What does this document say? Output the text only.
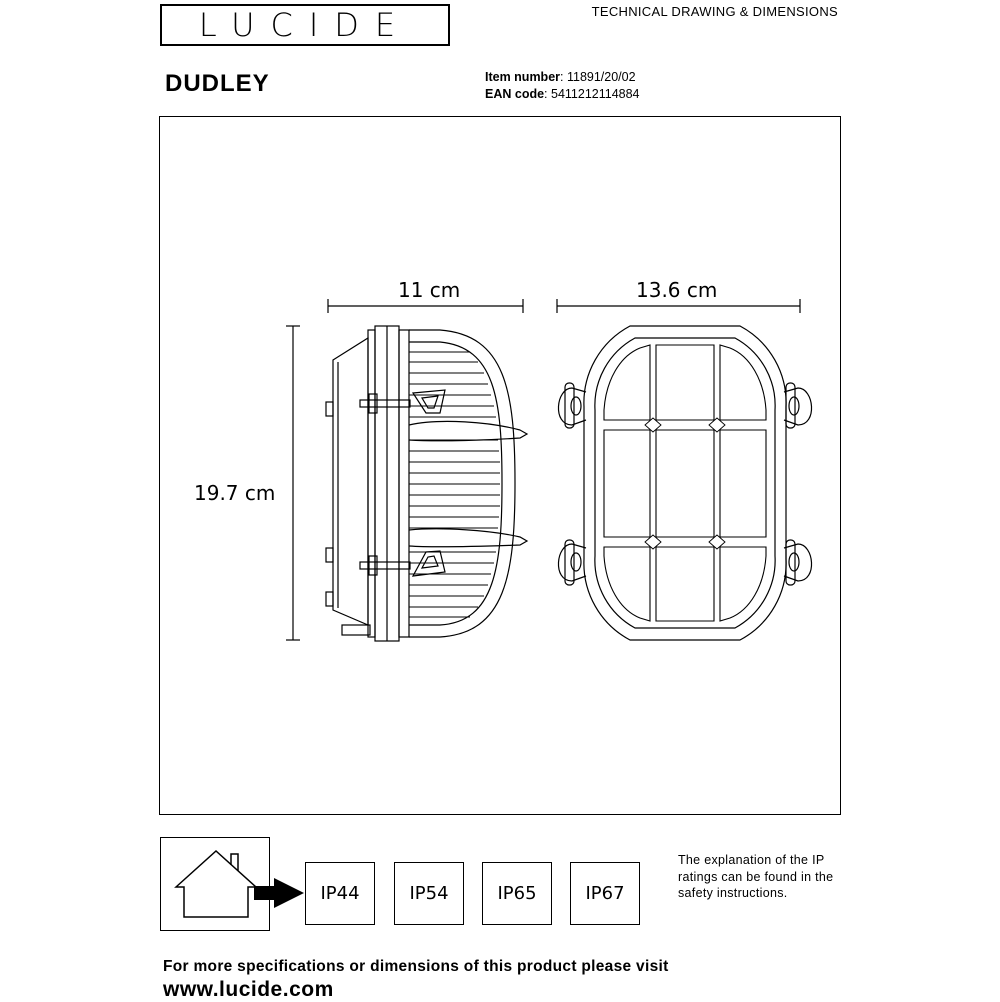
LUCIDE	TECHNICAL DRAWING & DIMENSIONS
DUDLEY	Item number: 11891/20/02
EAN code: 5411212114884
11 cm	13.6 cm
19.7 cm
IP44	IP54	IP65	IP67
The explanation of the IP ratings can be found in the safety instructions.
For more specifications or dimensions of this product please visit
www.lucide.com
